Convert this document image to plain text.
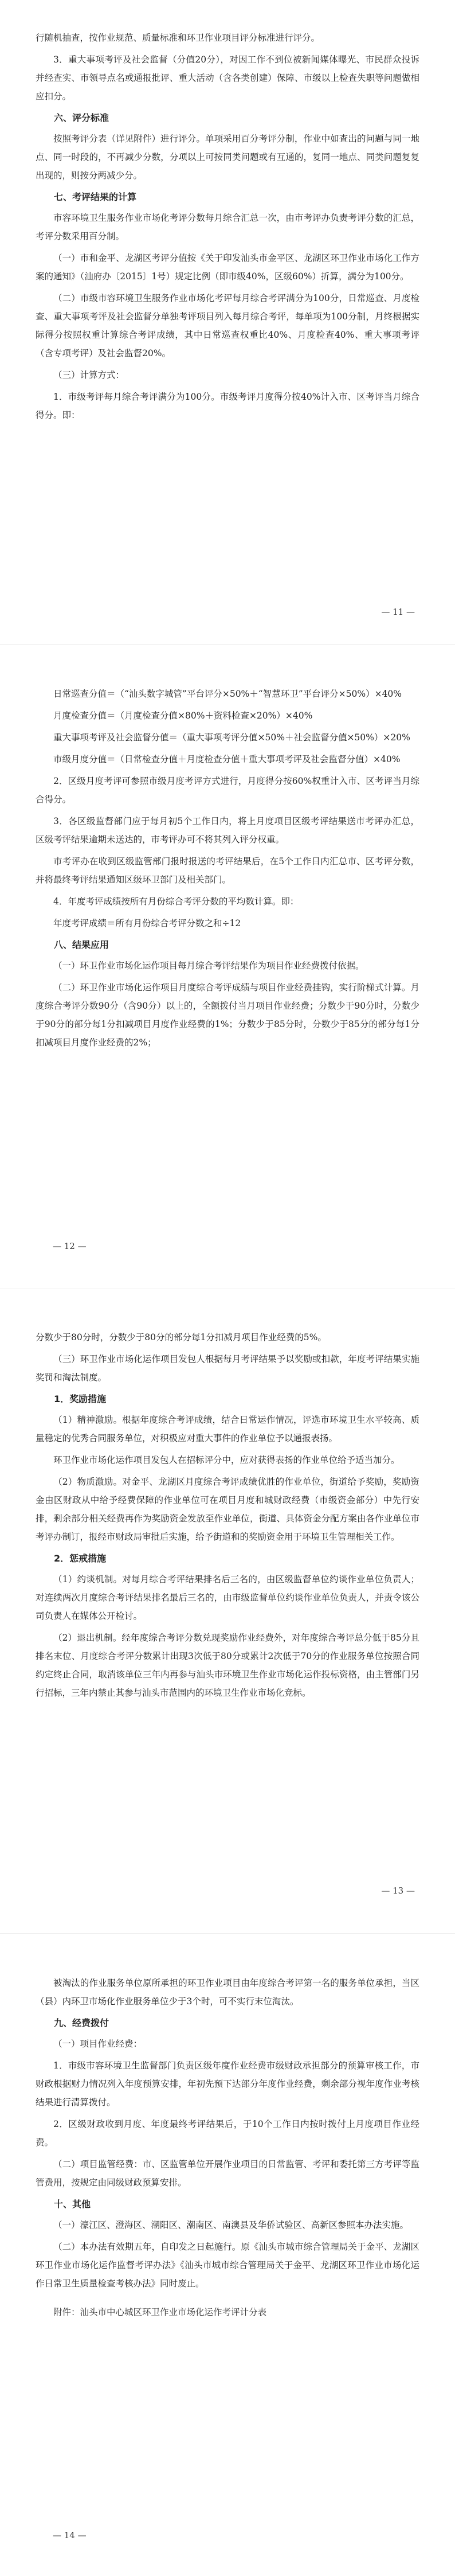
行随机抽查，按作业规范、质量标准和环卫作业项目评分标准进行评分。

3．重大事项考评及社会监督（分值20分），对因工作不到位被新闻媒体曝光、市民群众投诉并经查实、市领导点名或通报批评、重大活动（含各类创建）保障、市级以上检查失职等问题做相应扣分。

六、评分标准

按照考评分表（详见附件）进行评分。单项采用百分考评分制，作业中如查出的问题与同一地点、同一时段的，不再减少分数，分项以上可按同类问题或有互通的，复同一地点、同类问题复复出现的，则按分两减少分。

七、考评结果的计算

市容环境卫生服务作业市场化考评分数每月综合汇总一次，由市考评办负责考评分数的汇总，考评分数采用百分制。

（一）市和金平、龙湖区考评分值按《关于印发汕头市金平区、龙湖区环卫作业市场化工作方案的通知》（汕府办〔2015〕1号）规定比例（即市级40%，区级60%）折算，满分为100分。

（二）市级市容环境卫生服务作业市场化考评每月综合考评满分为100分，日常巡查、月度检查、重大事项考评及社会监督分单独考评项目列入每月综合考评，每单项为100分制，月终根据实际得分按照权重计算综合考评成绩，其中日常巡查权重比40%、月度检查40%、重大事项考评（含专项考评）及社会监督20%。

（三）计算方式：

1．市级考评每月综合考评满分为100分。市级考评月度得分按40%计入市、区考评当月综合得分。即：

— 11 —

日常巡查分值＝（“汕头数字城管”平台评分×50%＋“智慧环卫”平台评分×50%）×40%

月度检查分值＝（月度检查分值×80%＋资料检查×20%）×40%

重大事项考评及社会监督分值＝（重大事项考评分值×50%＋社会监督分值×50%）×20%

市级月度分值＝（日常检查分值＋月度检查分值＋重大事项考评及社会监督分值）×40%

2．区级月度考评可参照市级月度考评方式进行，月度得分按60%权重计入市、区考评当月综合得分。

3．各区级监督部门应于每月初5个工作日内，将上月度项目区级考评结果送市考评办汇总，区级考评结果逾期未送达的，市考评办可不将其列入评分权重。

市考评办在收到区级监管部门报时报送的考评结果后，在5个工作日内汇总市、区考评分数，并将最终考评结果通知区级环卫部门及相关部门。

4．年度考评成绩按所有月份综合考评分数的平均数计算。即：

年度考评成绩＝所有月份综合考评分数之和÷12

八、结果应用

（一）环卫作业市场化运作项目每月综合考评结果作为项目作业经费拨付依据。

（二）环卫作业市场化运作项目月度综合考评成绩与项目作业经费挂钩，实行阶梯式计算。月度综合考评分数90分（含90分）以上的，全额拨付当月项目作业经费；分数少于90分时，分数少于90分的部分每1分扣减项目月度作业经费的1%；分数少于85分时，分数少于85分的部分每1分扣减项目月度作业经费的2%；

— 12 —

分数少于80分时，分数少于80分的部分每1分扣减月项目作业经费的5%。

（三）环卫作业市场化运作项目发包人根据每月考评结果予以奖励或扣款，年度考评结果实施奖罚和淘汰制度。

1．奖励措施

（1）精神激励。根据年度综合考评成绩，结合日常运作情况，评选市环境卫生水平较高、质量稳定的优秀合同服务单位，对积极应对重大事件的作业单位予以通报表扬。

环卫作业市场化运作项目发包人在招标评分中，应对获得表扬的作业单位给予适当加分。

（2）物质激励。对金平、龙湖区月度综合考评成绩优胜的作业单位，街道给予奖励，奖励资金由区财政从中给予经费保障的作业单位可在项目月度和城财政经费（市级资金部分）中先行安排，剩余部分相关经费再作为奖励资金发放至作业单位，街道、具体资金分配方案由各作业单位市考评办制订，报经市财政局审批后实施，给予街道和的奖励资金用于环境卫生管理相关工作。

2．惩戒措施

（1）约谈机制。对每月综合考评结果排名后三名的，由区级监督单位约谈作业单位负责人；对连续两次月度综合考评结果排名最后三名的，由市级监督单位约谈作业单位负责人，并责令该公司负责人在媒体公开检讨。

（2）退出机制。经年度综合考评分数兑现奖励作业经费外，对年度综合考评总分低于85分且排名末位、月度综合考评分数累计出现3次低于80分或累计2次低于70分的作业服务单位按照合同约定终止合同，取消该单位三年内再参与汕头市环境卫生作业市场化运作投标资格，由主管部门另行招标，三年内禁止其参与汕头市范围内的环境卫生作业市场化竞标。

— 13 —

被淘汰的作业服务单位原所承担的环卫作业项目由年度综合考评第一名的服务单位承担，当区（县）内环卫市场化作业服务单位少于3个时，可不实行末位淘汰。

九、经费拨付

（一）项目作业经费：

1．市级市容环境卫生监督部门负责区级年度作业经费市级财政承担部分的预算审核工作，市财政根据财力情况列入年度预算安排，年初先预下达部分年度作业经费，剩余部分视年度作业考核结果进行清算拨付。

2．区级财政收到月度、年度最终考评结果后，于10个工作日内按时拨付上月度项目作业经费。

（二）项目监管经费：市、区监管单位开展作业项目的日常监管、考评和委托第三方考评等监管费用，按规定由同级财政预算安排。

十、其他

（一）濠江区、澄海区、潮阳区、潮南区、南澳县及华侨试验区、高新区参照本办法实施。

（二）本办法有效期五年，自印发之日起施行。原《汕头市城市综合管理局关于金平、龙湖区环卫作业市场化运作监督考评办法》《汕头市城市综合管理局关于金平、龙湖区环卫作业市场化运作日常卫生质量检查考核办法》同时废止。

附件：汕头市中心城区环卫作业市场化运作考评计分表

— 14 —
